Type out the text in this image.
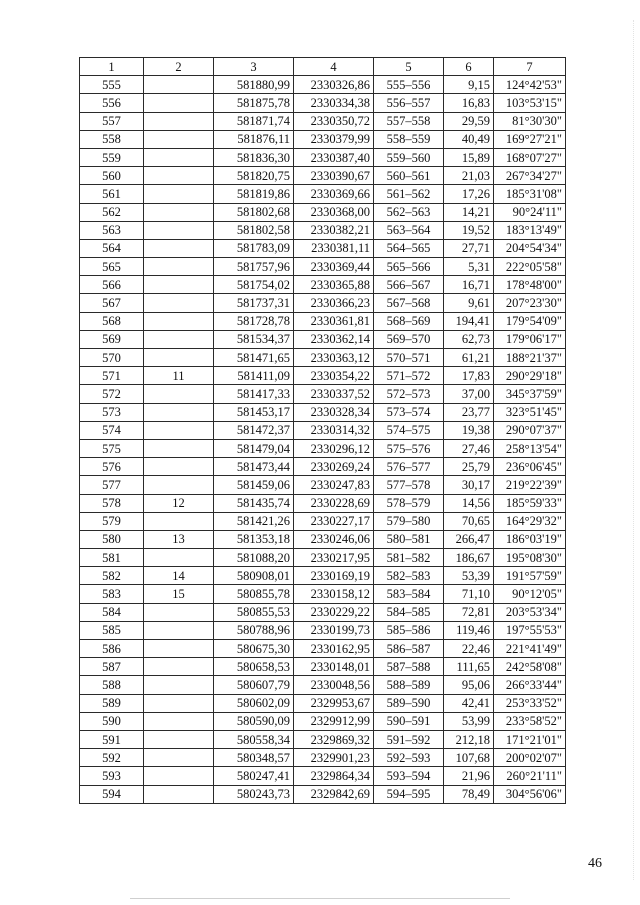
1	2	3	4	5	6	7
555		581880,99	2330326,86	555–556	9,15	124°42'53"
556		581875,78	2330334,38	556–557	16,83	103°53'15"
557		581871,74	2330350,72	557–558	29,59	81°30'30"
558		581876,11	2330379,99	558–559	40,49	169°27'21"
559		581836,30	2330387,40	559–560	15,89	168°07'27"
560		581820,75	2330390,67	560–561	21,03	267°34'27"
561		581819,86	2330369,66	561–562	17,26	185°31'08"
562		581802,68	2330368,00	562–563	14,21	90°24'11"
563		581802,58	2330382,21	563–564	19,52	183°13'49"
564		581783,09	2330381,11	564–565	27,71	204°54'34"
565		581757,96	2330369,44	565–566	5,31	222°05'58"
566		581754,02	2330365,88	566–567	16,71	178°48'00"
567		581737,31	2330366,23	567–568	9,61	207°23'30"
568		581728,78	2330361,81	568–569	194,41	179°54'09"
569		581534,37	2330362,14	569–570	62,73	179°06'17"
570		581471,65	2330363,12	570–571	61,21	188°21'37"
571	11	581411,09	2330354,22	571–572	17,83	290°29'18"
572		581417,33	2330337,52	572–573	37,00	345°37'59"
573		581453,17	2330328,34	573–574	23,77	323°51'45"
574		581472,37	2330314,32	574–575	19,38	290°07'37"
575		581479,04	2330296,12	575–576	27,46	258°13'54"
576		581473,44	2330269,24	576–577	25,79	236°06'45"
577		581459,06	2330247,83	577–578	30,17	219°22'39"
578	12	581435,74	2330228,69	578–579	14,56	185°59'33"
579		581421,26	2330227,17	579–580	70,65	164°29'32"
580	13	581353,18	2330246,06	580–581	266,47	186°03'19"
581		581088,20	2330217,95	581–582	186,67	195°08'30"
582	14	580908,01	2330169,19	582–583	53,39	191°57'59"
583	15	580855,78	2330158,12	583–584	71,10	90°12'05"
584		580855,53	2330229,22	584–585	72,81	203°53'34"
585		580788,96	2330199,73	585–586	119,46	197°55'53"
586		580675,30	2330162,95	586–587	22,46	221°41'49"
587		580658,53	2330148,01	587–588	111,65	242°58'08"
588		580607,79	2330048,56	588–589	95,06	266°33'44"
589		580602,09	2329953,67	589–590	42,41	253°33'52"
590		580590,09	2329912,99	590–591	53,99	233°58'52"
591		580558,34	2329869,32	591–592	212,18	171°21'01"
592		580348,57	2329901,23	592–593	107,68	200°02'07"
593		580247,41	2329864,34	593–594	21,96	260°21'11"
594		580243,73	2329842,69	594–595	78,49	304°56'06"
46
